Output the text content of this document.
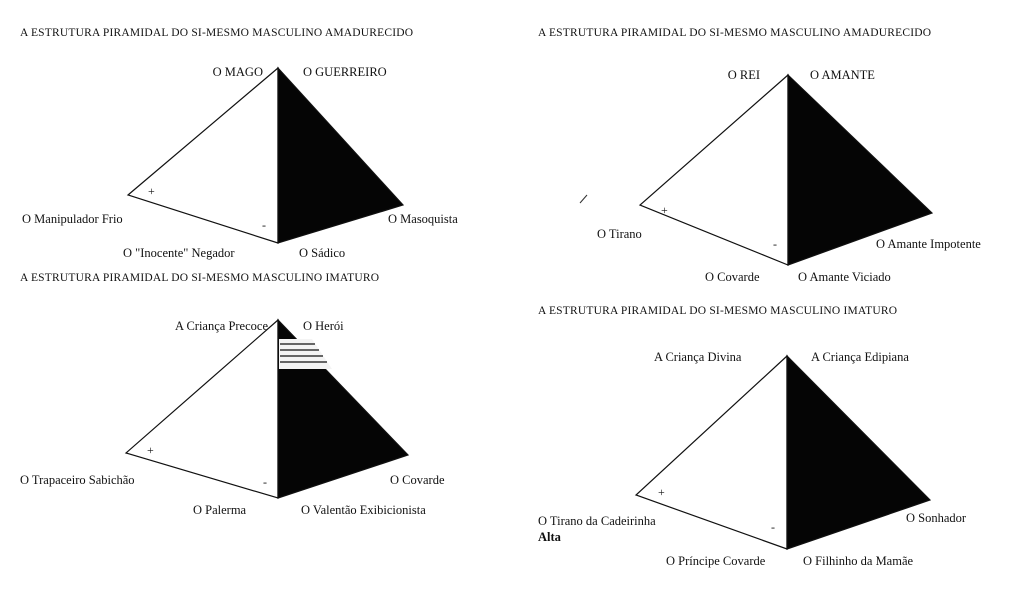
A ESTRUTURA PIRAMIDAL DO SI-MESMO MASCULINO AMADURECIDO
O MAGO	O GUERREIRO
O Manipulador Frio	O Masoquista
O "Inocente" Negador	O Sádico
+
-
A ESTRUTURA PIRAMIDAL DO SI-MESMO MASCULINO AMADURECIDO
O REI	O AMANTE
O Tirano
O Amante Impotente
O Covarde	O Amante Viciado
+
-
A ESTRUTURA PIRAMIDAL DO SI-MESMO MASCULINO IMATURO
A Criança Precoce	O Herói
O Trapaceiro Sabichão	O Covarde
O Palerma	O Valentão Exibicionista
+
-
A ESTRUTURA PIRAMIDAL DO SI-MESMO MASCULINO IMATURO
A Criança Divina	A Criança Edipiana
O Tirano da Cadeirinha
Alta
O Sonhador
O Príncipe Covarde	O Filhinho da Mamãe
+
-
